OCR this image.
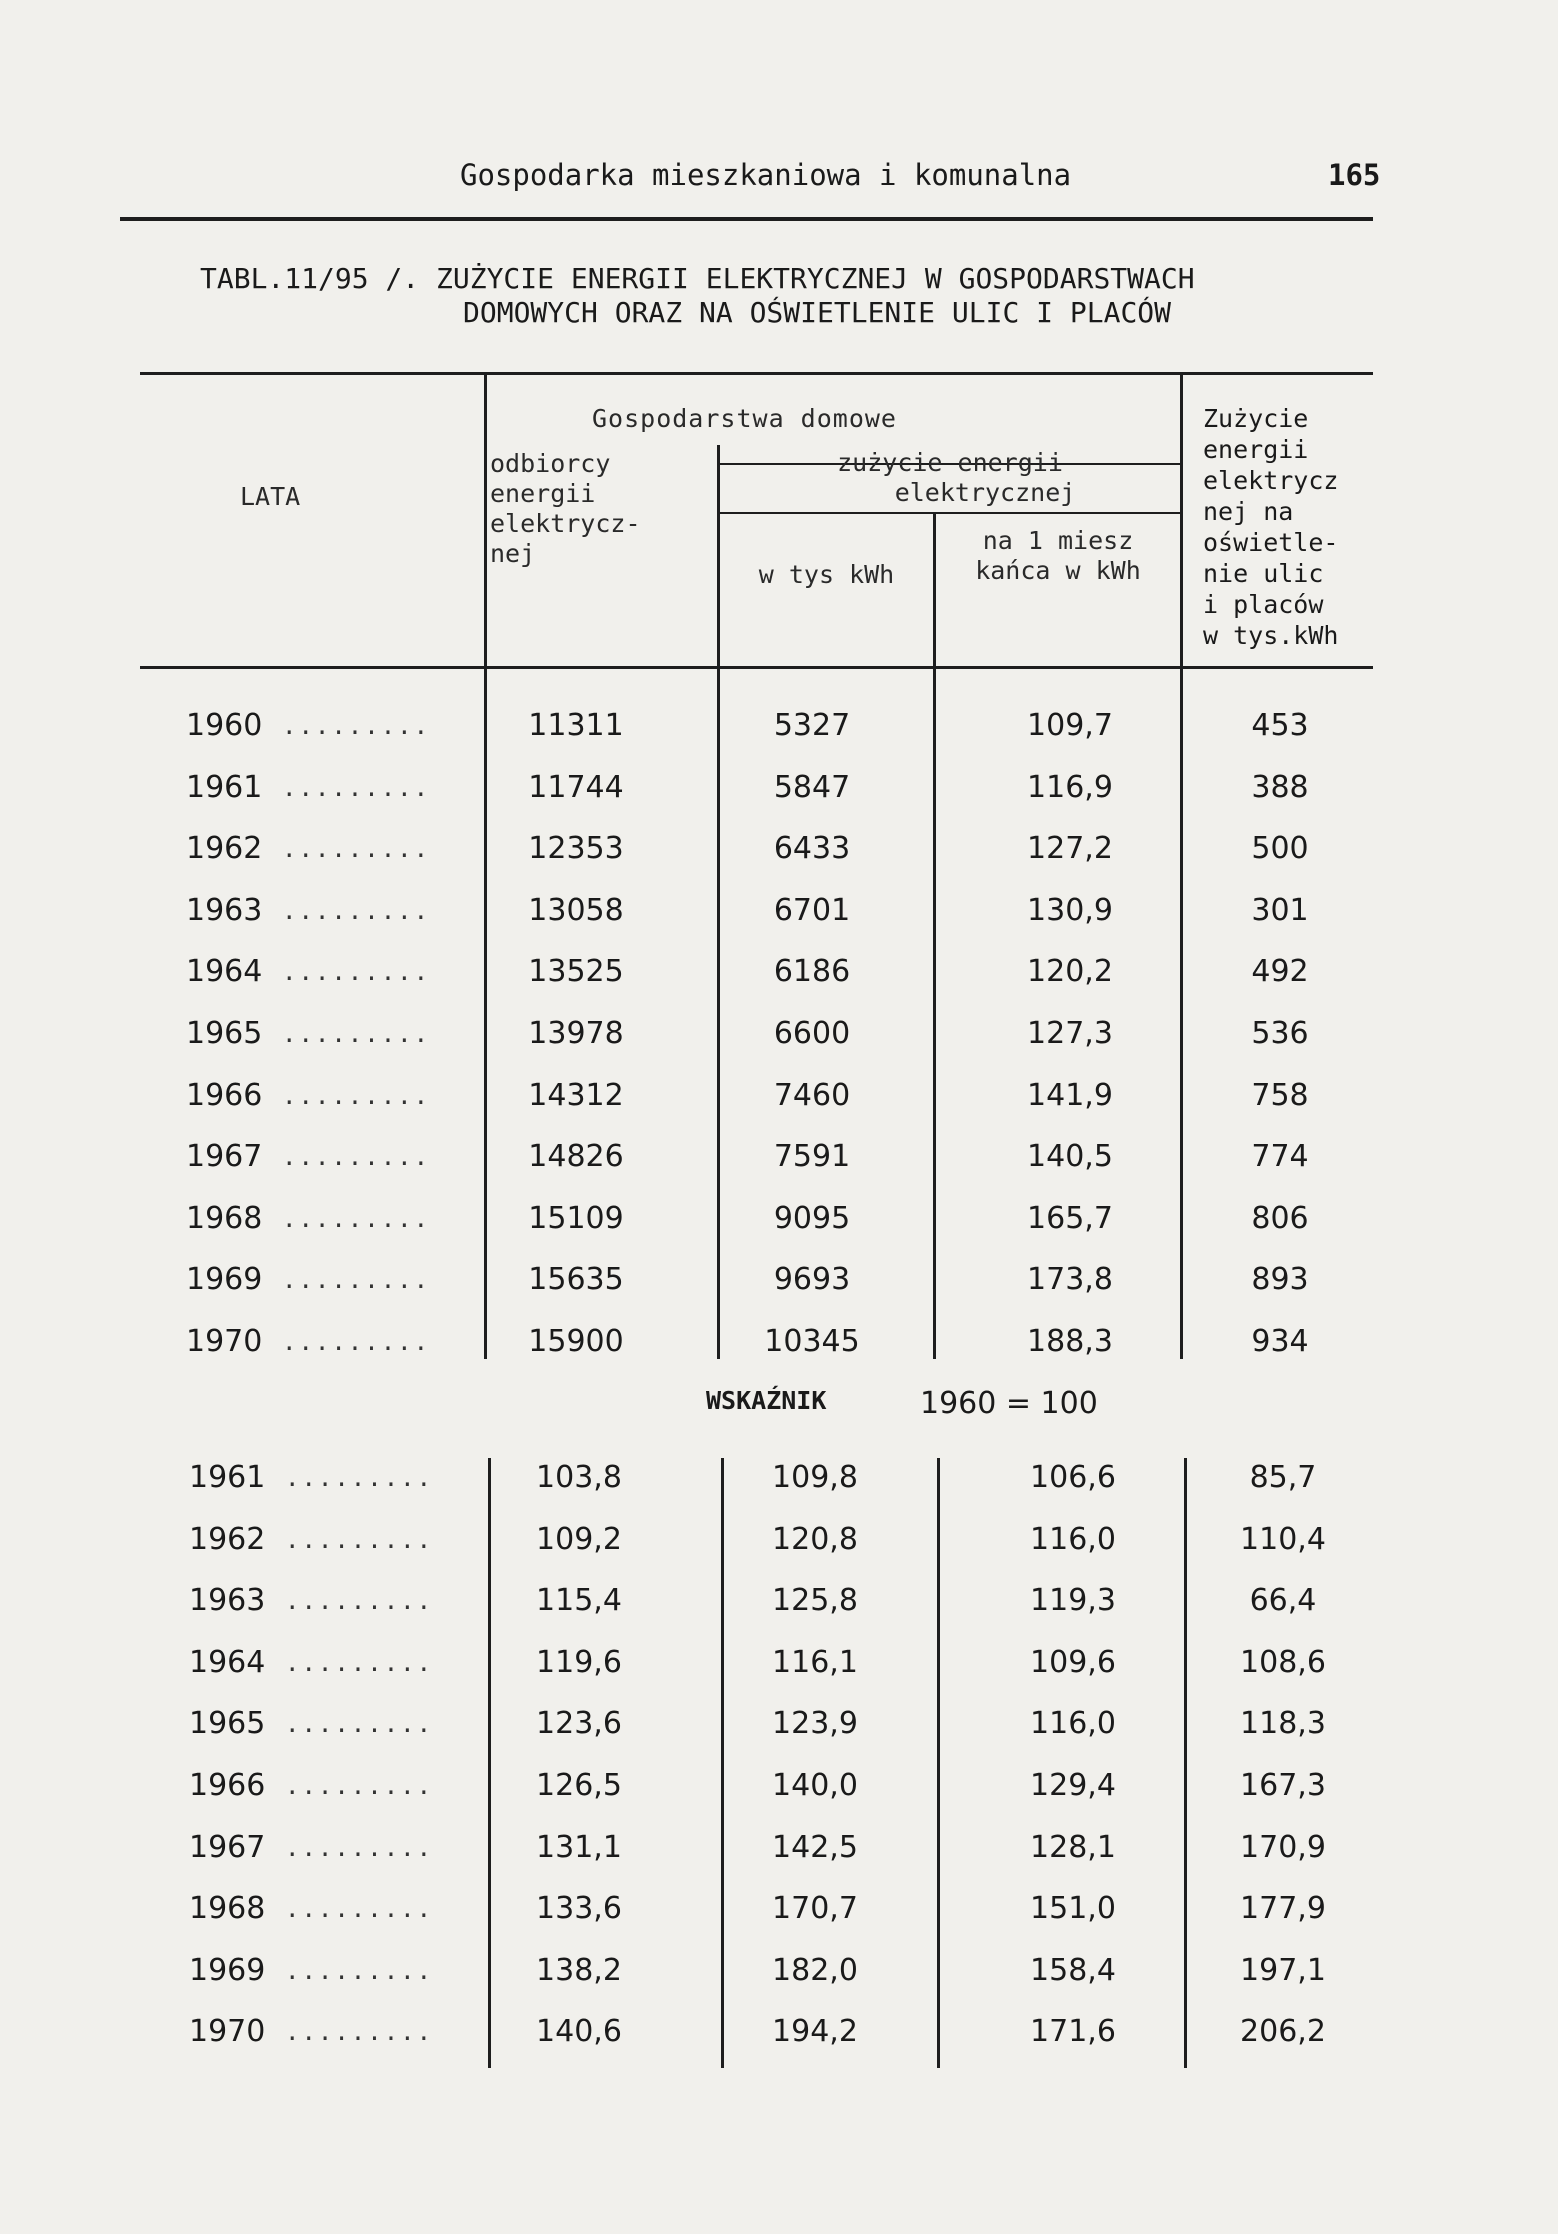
Gospodarka mieszkaniowa i komunalna	165
TABL.11/95 /. ZUŻYCIE ENERGII ELEKTRYCZNEJ W GOSPODARSTWACH
DOMOWYCH ORAZ NA OŚWIETLENIE ULIC I PLACÓW
LATA
Gospodarstwa domowe
odbiorcy
energii
elektrycz-
nej
zużycie energii
elektrycznej
w tys kWh
na 1 miesz
kańca w kWh
Zużycie
energii
elektrycz
nej na
oświetle-
nie ulic
i placów
w tys.kWh
WSKAŹNIK	1960 = 100
1960 .........	11311	5327	109,7	453
1961 .........	11744	5847	116,9	388
1962 .........	12353	6433	127,2	500
1963 .........	13058	6701	130,9	301
1964 .........	13525	6186	120,2	492
1965 .........	13978	6600	127,3	536
1966 .........	14312	7460	141,9	758
1967 .........	14826	7591	140,5	774
1968 .........	15109	9095	165,7	806
1969 .........	15635	9693	173,8	893
1970 .........	15900	10345	188,3	934
1961 .........	103,8	109,8	106,6	85,7
1962 .........	109,2	120,8	116,0	110,4
1963 .........	115,4	125,8	119,3	66,4
1964 .........	119,6	116,1	109,6	108,6
1965 .........	123,6	123,9	116,0	118,3
1966 .........	126,5	140,0	129,4	167,3
1967 .........	131,1	142,5	128,1	170,9
1968 .........	133,6	170,7	151,0	177,9
1969 .........	138,2	182,0	158,4	197,1
1970 .........	140,6	194,2	171,6	206,2
